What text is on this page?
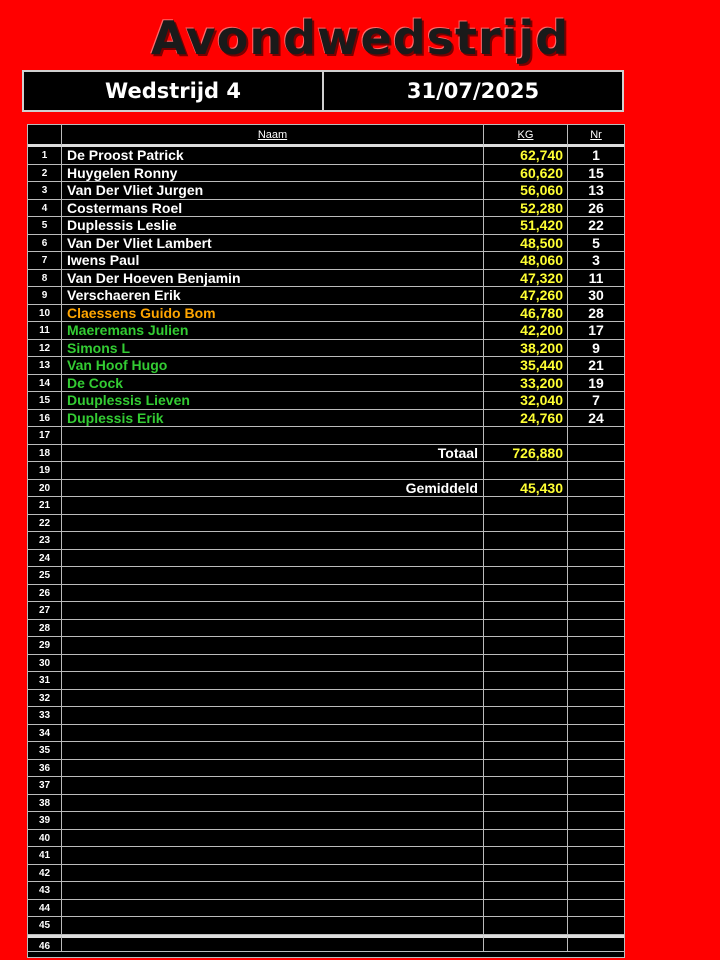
Avondwedstrijd
Wedstrijd 4	31/07/2025
Naam	KG	Nr
1	De Proost Patrick	62,740	1
2	Huygelen Ronny	60,620	15
3	Van Der Vliet Jurgen	56,060	13
4	Costermans Roel	52,280	26
5	Duplessis Leslie	51,420	22
6	Van Der Vliet Lambert	48,500	5
7	Iwens Paul	48,060	3
8	Van Der Hoeven Benjamin	47,320	11
9	Verschaeren Erik	47,260	30
10	Claessens Guido Bom	46,780	28
11	Maeremans Julien	42,200	17
12	Simons L	38,200	9
13	Van Hoof Hugo	35,440	21
14	De Cock	33,200	19
15	Duuplessis Lieven	32,040	7
16	Duplessis Erik	24,760	24
17
18	Totaal	726,880
19
20	Gemiddeld	45,430
21
22
23
24
25
26
27
28
29
30
31
32
33
34
35
36
37
38
39
40
41
42
43
44
45
46
